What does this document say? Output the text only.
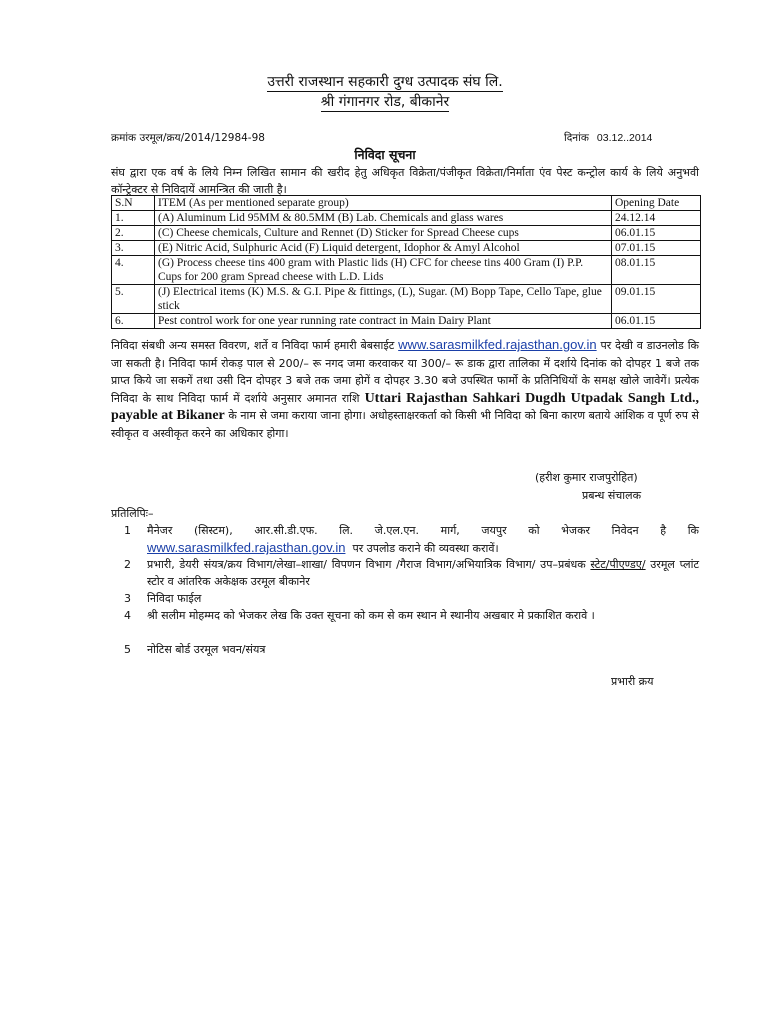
उत्तरी राजस्थान सहकारी दुग्ध उत्पादक संघ लि.
श्री गंगानगर रोड, बीकानेर
क्रमांक उरमूल/क्रय/2014/12984-98	दिनांक 03.12..2014
निविदा सूचना
संघ द्वारा एक वर्ष के लिये निम्न लिखित सामान की खरीद हेतु अधिकृत विक्रेता/पंजीकृत विक्रेता/निर्माता एंव पेस्ट कन्ट्रोल कार्य के लिये अनुभवी कॉन्ट्रेक्टर से निविदायें आमन्त्रित की जाती है।
S.N	ITEM (As per mentioned separate group)	Opening Date
1.	(A) Aluminum Lid 95MM & 80.5MM (B) Lab. Chemicals and glass wares	24.12.14
2.	(C) Cheese chemicals, Culture and Rennet (D) Sticker for Spread Cheese cups	06.01.15
3.	(E) Nitric Acid, Sulphuric Acid (F) Liquid detergent, Idophor & Amyl Alcohol	07.01.15
4.	(G) Process cheese tins 400 gram with Plastic lids (H) CFC for cheese tins 400 Gram (I) P.P. Cups for 200 gram Spread cheese with L.D. Lids	08.01.15
5.	(J) Electrical items (K) M.S. & G.I. Pipe & fittings, (L), Sugar. (M) Bopp Tape, Cello Tape, glue stick	09.01.15
6.	Pest control work for one year running rate contract in Main Dairy Plant	06.01.15
निविदा संबधी अन्य समस्त विवरण, शर्ते व निविदा फार्म हमारी बेबसाईट www.sarasmilkfed.rajasthan.gov.in पर देखी व डाउनलोड कि जा सकती है। निविदा फार्म रोकड़ पाल से 200/– रू नगद जमा करवाकर या 300/– रू डाक द्वारा तालिका में दर्शाये दिनांक को दोपहर 1 बजे तक प्राप्त किये जा सकगें तथा उसी दिन दोपहर 3 बजे तक जमा होगें व दोपहर 3.30 बजे उपस्थित फार्मो के प्रतिनिधियों के समक्ष खोले जावेगें। प्रत्येक निविदा के साथ निविदा फार्म में दर्शाये अनुसार अमानत राशि Uttari Rajasthan Sahkari Dugdh Utpadak Sangh Ltd., payable at Bikaner के नाम से जमा कराया जाना होगा। अधोहस्ताक्षरकर्ता को किसी भी निविदा को बिना कारण बताये आंशिक व पूर्ण रुप से स्वीकृत व अस्वीकृत करने का अधिकार होगा।
(हरीश कुमार राजपुरोहित)
प्रबन्ध संचालक
प्रतिलिपिः–
1 मैनेजर (सिस्टम), आर.सी.डी.एफ. लि. जे.एल.एन. मार्ग, जयपुर को भेजकर निवेदन है कि www.sarasmilkfed.rajasthan.gov.in पर उपलोड कराने की व्यवस्था करावें।
2 प्रभारी, डेयरी संयत्र/क्रय विभाग/लेखा–शाखा/ विपणन विभाग /गैराज विभाग/अभियात्रिक विभाग/ उप–प्रबंधक स्टेट/पीएण्डए/ उरमूल प्लांट स्टोर व आंतरिक अकेक्षक उरमूल बीकानेर
3 निविदा फाईल
4 श्री सलीम मोहम्मद को भेजकर लेख कि उक्त सूचना को कम से कम स्थान मे स्थानीय अखबार मे प्रकाशित करावे ।
5 नोटिस बोर्ड उरमूल भवन/संयत्र
प्रभारी क्रय
